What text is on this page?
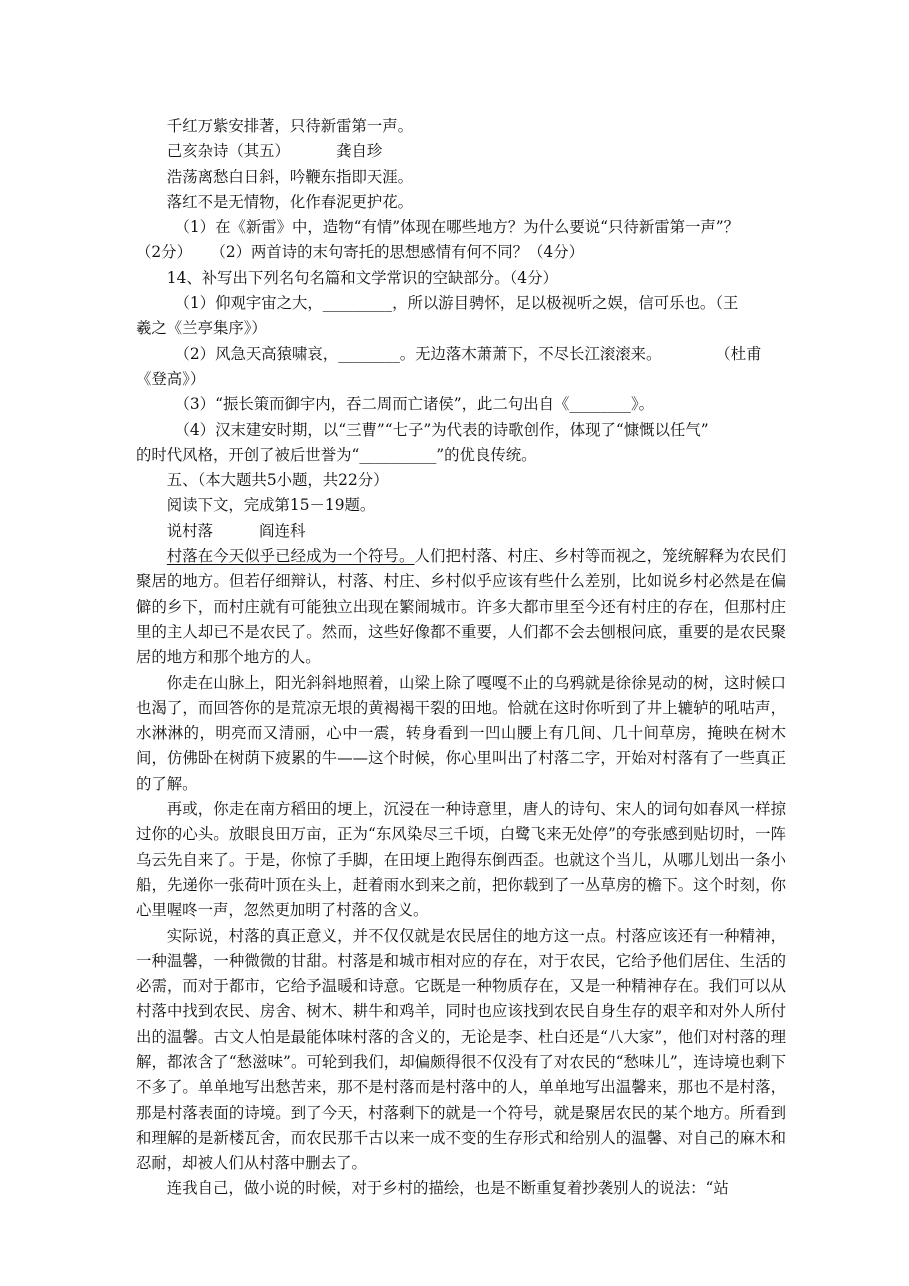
千红万紫安排著，只待新雷第一声。

己亥杂诗（其五）	龚自珍

浩荡离愁白日斜，吟鞭东指即天涯。

落红不是无情物，化作春泥更护花。

（1）在《新雷》中，造物“有情”体现在哪些地方？为什么要说“只待新雷第一声”？

（2分） （2）两首诗的末句寄托的思想感情有何不同？（4分）

14、补写出下列名句名篇和文学常识的空缺部分。（4分）

（1）仰观宇宙之大，_________，所以游目骋怀，足以极视听之娱，信可乐也。（王

羲之《兰亭集序》）

（2）风急天高猿啸哀，________。无边落木萧萧下，不尽长江滚滚来。	（杜甫

《登高》）

（3）“振长策而御宇内，吞二周而亡诸侯”，此二句出自《________》。

（4）汉末建安时期，以“三曹”“七子”为代表的诗歌创作，体现了“慷慨以任气”

的时代风格，开创了被后世誉为“__________”的优良传统。

五、（本大题共5小题，共22分）

阅读下文，完成第15－19题。

说村落	阎连科

村落在今天似乎已经成为一个符号。人们把村落、村庄、乡村等而视之，笼统解释为农民们聚居的地方。但若仔细辩认，村落、村庄、乡村似乎应该有些什么差别，比如说乡村必然是在偏僻的乡下，而村庄就有可能独立出现在繁闹城市。许多大都市里至今还有村庄的存在，但那村庄里的主人却已不是农民了。然而，这些好像都不重要，人们都不会去刨根问底，重要的是农民聚居的地方和那个地方的人。

你走在山脉上，阳光斜斜地照着，山梁上除了嘎嘎不止的乌鸦就是徐徐晃动的树，这时候口也渴了，而回答你的是荒凉无垠的黄褐褐干裂的田地。恰就在这时你听到了井上辘轳的吼咕声，水淋淋的，明亮而又清丽，心中一震，转身看到一凹山腰上有几间、几十间草房，掩映在树木间，仿佛卧在树荫下疲累的牛——这个时候，你心里叫出了村落二字，开始对村落有了一些真正的了解。

再或，你走在南方稻田的埂上，沉浸在一种诗意里，唐人的诗句、宋人的词句如春风一样掠过你的心头。放眼良田万亩，正为“东风染尽三千顷，白鹭飞来无处停”的夸张感到贴切时，一阵乌云先自来了。于是，你惊了手脚，在田埂上跑得东倒西歪。也就这个当儿，从哪儿划出一条小船，先递你一张荷叶顶在头上，赶着雨水到来之前，把你载到了一丛草房的檐下。这个时刻，你心里喔咚一声，忽然更加明了村落的含义。

实际说，村落的真正意义，并不仅仅就是农民居住的地方这一点。村落应该还有一种精神，一种温馨，一种微微的甘甜。村落是和城市相对应的存在，对于农民，它给予他们居住、生活的必需，而对于都市，它给予温暖和诗意。它既是一种物质存在，又是一种精神存在。我们可以从村落中找到农民、房舍、树木、耕牛和鸡羊，同时也应该找到农民自身生存的艰辛和对外人所付出的温馨。古文人怕是最能体味村落的含义的，无论是李、杜白还是“八大家”，他们对村落的理解，都浓含了“愁滋味”。可轮到我们，却偏颇得很不仅没有了对农民的“愁味儿”，连诗境也剩下不多了。单单地写出愁苦来，那不是村落而是村落中的人，单单地写出温馨来，那也不是村落，那是村落表面的诗境。到了今天，村落剩下的就是一个符号，就是聚居农民的某个地方。所看到和理解的是新楼瓦舍，而农民那千古以来一成不变的生存形式和给别人的温馨、对自己的麻木和忍耐，却被人们从村落中删去了。

连我自己，做小说的时候，对于乡村的描绘，也是不断重复着抄袭别人的说法：“站
